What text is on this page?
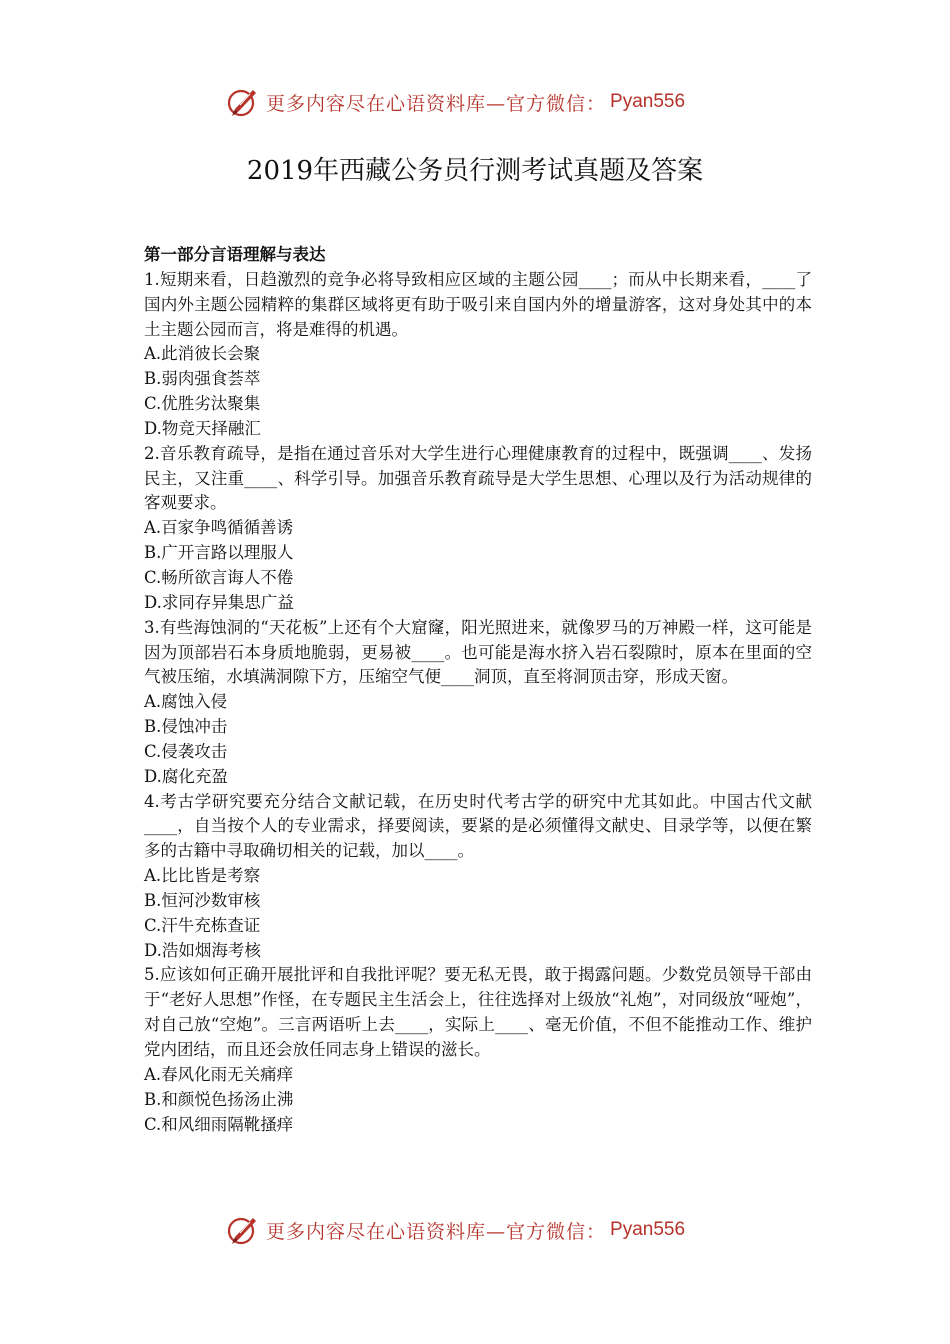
更多内容尽在心语资料库—官方微信： Pyan556
2019年西藏公务员行测考试真题及答案

第一部分言语理解与表达

1.短期来看，日趋激烈的竞争必将导致相应区域的主题公园____；而从中长期来看，____了国内外主题公园精粹的集群区域将更有助于吸引来自国内外的增量游客，这对身处其中的本土主题公园而言，将是难得的机遇。

A.此消彼长会聚

B.弱肉强食荟萃

C.优胜劣汰聚集

D.物竞天择融汇

2.音乐教育疏导，是指在通过音乐对大学生进行心理健康教育的过程中，既强调____、发扬民主，又注重____、科学引导。加强音乐教育疏导是大学生思想、心理以及行为活动规律的客观要求。

A.百家争鸣循循善诱

B.广开言路以理服人

C.畅所欲言诲人不倦

D.求同存异集思广益

3.有些海蚀洞的“天花板”上还有个大窟窿，阳光照进来，就像罗马的万神殿一样，这可能是因为顶部岩石本身质地脆弱，更易被____。也可能是海水挤入岩石裂隙时，原本在里面的空气被压缩，水填满洞隙下方，压缩空气便____洞顶，直至将洞顶击穿，形成天窗。

A.腐蚀入侵

B.侵蚀冲击

C.侵袭攻击

D.腐化充盈

4.考古学研究要充分结合文献记载，在历史时代考古学的研究中尤其如此。中国古代文献____，自当按个人的专业需求，择要阅读，要紧的是必须懂得文献史、目录学等，以便在繁多的古籍中寻取确切相关的记载，加以____。

A.比比皆是考察

B.恒河沙数审核

C.汗牛充栋查证

D.浩如烟海考核

5.应该如何正确开展批评和自我批评呢？要无私无畏，敢于揭露问题。少数党员领导干部由于“老好人思想”作怪，在专题民主生活会上，往往选择对上级放“礼炮”，对同级放“哑炮”，对自己放“空炮”。三言两语听上去____，实际上____、毫无价值，不但不能推动工作、维护党内团结，而且还会放任同志身上错误的滋长。

A.春风化雨无关痛痒

B.和颜悦色扬汤止沸

C.和风细雨隔靴搔痒

更多内容尽在心语资料库—官方微信： Pyan556
